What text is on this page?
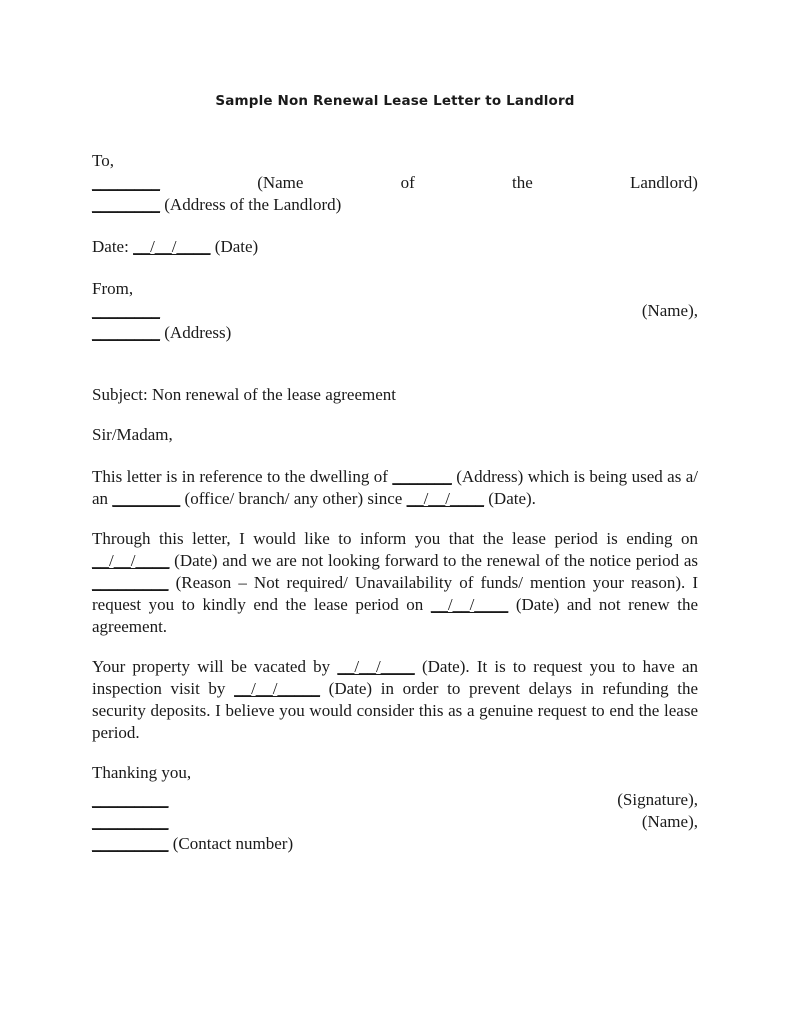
Sample Non Renewal Lease Letter to Landlord
To,
________	(Name	of	the	Landlord)
________ (Address of the Landlord)
Date: __/__/____ (Date)
From,
________	(Name),
________ (Address)
Subject: Non renewal of the lease agreement
Sir/Madam,
This letter is in reference to the dwelling of _______ (Address) which is being used as a/ an ________ (office/ branch/ any other) since __/__/____ (Date).
Through this letter, I would like to inform you that the lease period is ending on __/__/____ (Date) and we are not looking forward to the renewal of the notice period as _________ (Reason – Not required/ Unavailability of funds/ mention your reason). I request you to kindly end the lease period on __/__/____ (Date) and not renew the agreement.
Your property will be vacated by __/__/____ (Date). It is to request you to have an inspection visit by __/__/_____ (Date) in order to prevent delays in refunding the security deposits. I believe you would consider this as a genuine request to end the lease period.
Thanking you,
_________	(Signature),
_________	(Name),
_________ (Contact number)
